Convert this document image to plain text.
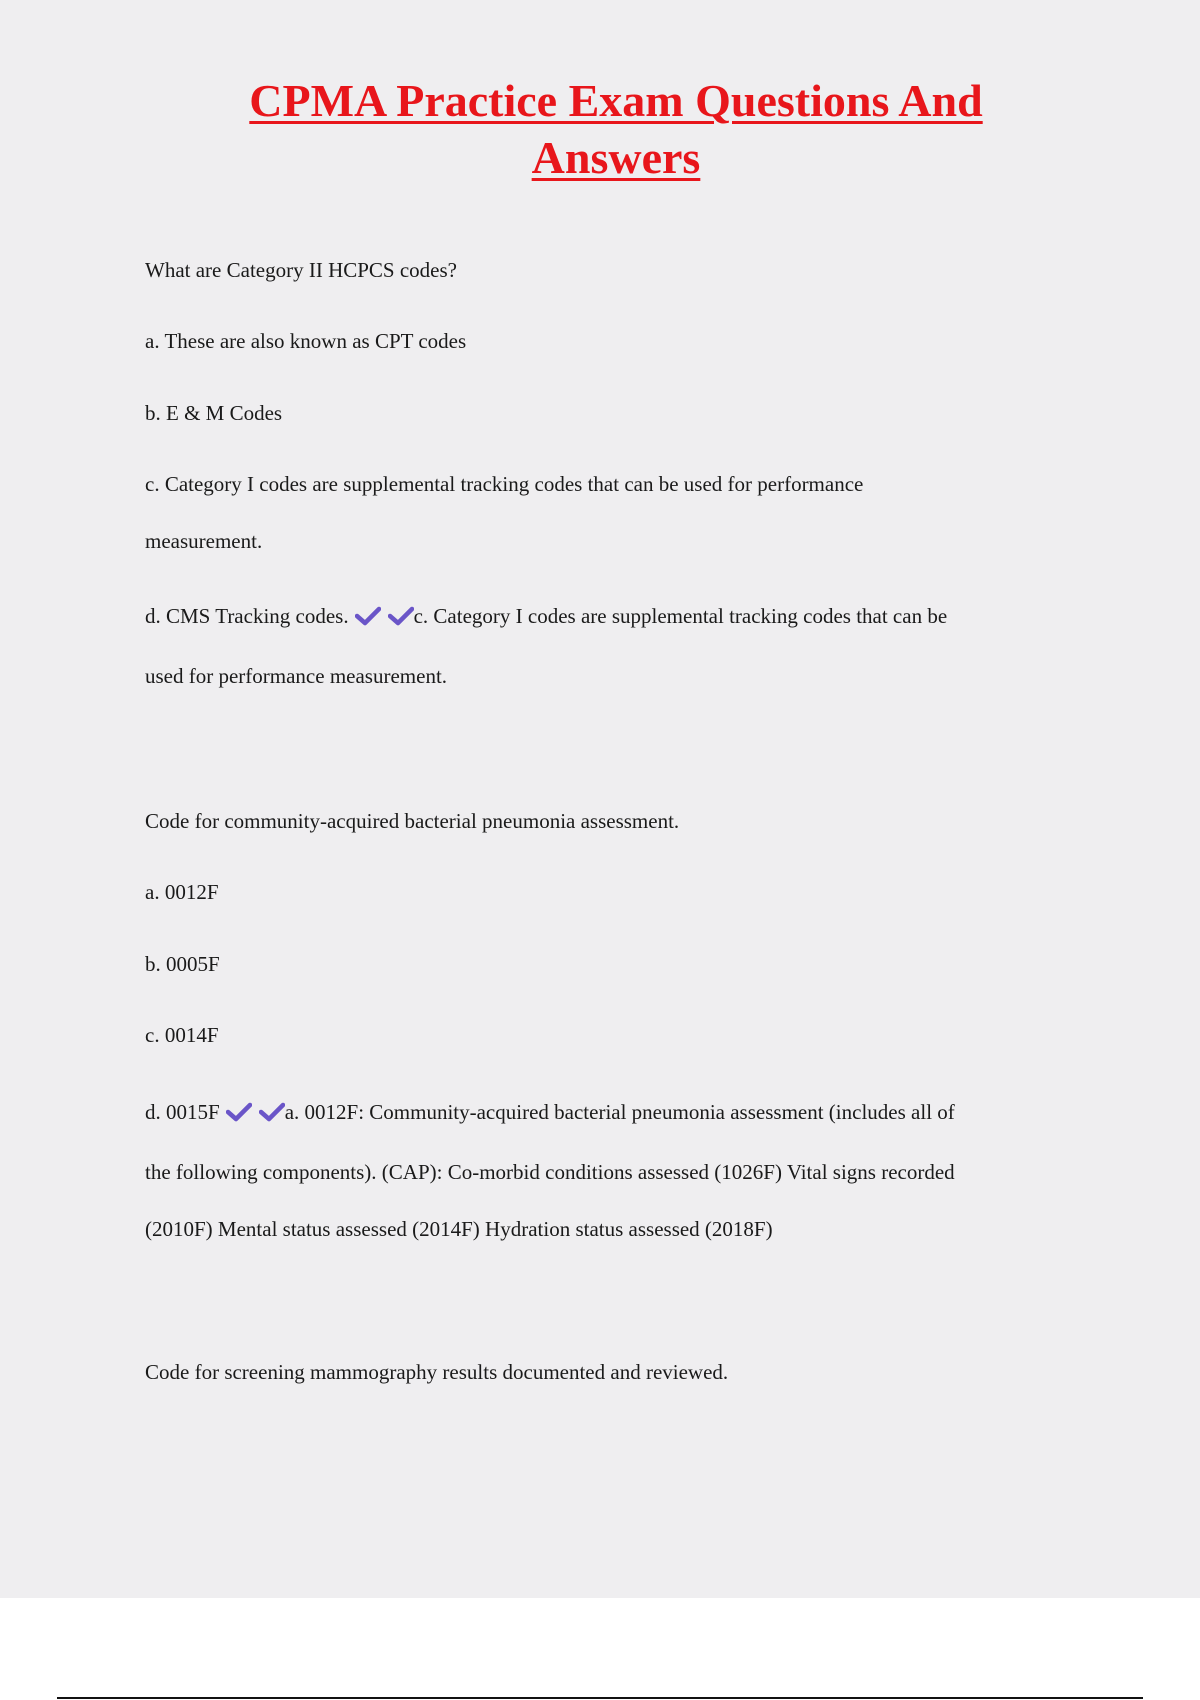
CPMA Practice Exam Questions And
Answers
What are Category II HCPCS codes?
a. These are also known as CPT codes
b. E & M Codes
c. Category I codes are supplemental tracking codes that can be used for performance
measurement.
d. CMS Tracking codes.	c. Category I codes are supplemental tracking codes that can be
used for performance measurement.
Code for community-acquired bacterial pneumonia assessment.
a. 0012F
b. 0005F
c. 0014F
d. 0015F	a. 0012F: Community-acquired bacterial pneumonia assessment (includes all of
the following components). (CAP): Co-morbid conditions assessed (1026F) Vital signs recorded
(2010F) Mental status assessed (2014F) Hydration status assessed (2018F)
Code for screening mammography results documented and reviewed.
